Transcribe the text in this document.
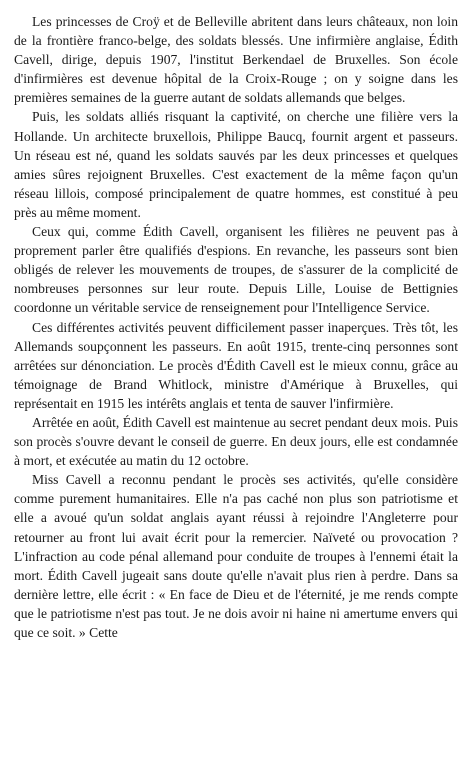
Les princesses de Croÿ et de Belleville abritent dans leurs châteaux, non loin de la frontière franco-belge, des soldats blessés. Une infirmière anglaise, Édith Cavell, dirige, depuis 1907, l'institut Berkendael de Bruxelles. Son école d'infirmières est devenue hôpital de la Croix-Rouge ; on y soigne dans les premières semaines de la guerre autant de soldats allemands que belges.

Puis, les soldats alliés risquant la captivité, on cherche une filière vers la Hollande. Un architecte bruxellois, Philippe Baucq, fournit argent et passeurs. Un réseau est né, quand les soldats sauvés par les deux princesses et quelques amies sûres rejoignent Bruxelles. C'est exactement de la même façon qu'un réseau lillois, composé principalement de quatre hommes, est constitué à peu près au même moment.

Ceux qui, comme Édith Cavell, organisent les filières ne peuvent pas à proprement parler être qualifiés d'espions. En revanche, les passeurs sont bien obligés de relever les mouvements de troupes, de s'assurer de la complicité de nombreuses personnes sur leur route. Depuis Lille, Louise de Bettignies coordonne un véritable service de renseignement pour l'Intelligence Service.

Ces différentes activités peuvent difficilement passer inaperçues. Très tôt, les Allemands soupçonnent les passeurs. En août 1915, trente-cinq personnes sont arrêtées sur dénonciation. Le procès d'Édith Cavell est le mieux connu, grâce au témoignage de Brand Whitlock, ministre d'Amérique à Bruxelles, qui représentait en 1915 les intérêts anglais et tenta de sauver l'infirmière.

Arrêtée en août, Édith Cavell est maintenue au secret pendant deux mois. Puis son procès s'ouvre devant le conseil de guerre. En deux jours, elle est condamnée à mort, et exécutée au matin du 12 octobre.

Miss Cavell a reconnu pendant le procès ses activités, qu'elle considère comme purement humanitaires. Elle n'a pas caché non plus son patriotisme et elle a avoué qu'un soldat anglais ayant réussi à rejoindre l'Angleterre pour retourner au front lui avait écrit pour la remercier. Naïveté ou provocation ? L'infraction au code pénal allemand pour conduite de troupes à l'ennemi était la mort. Édith Cavell jugeait sans doute qu'elle n'avait plus rien à perdre. Dans sa dernière lettre, elle écrit : « En face de Dieu et de l'éternité, je me rends compte que le patriotisme n'est pas tout. Je ne dois avoir ni haine ni amertume envers qui que ce soit. » Cette
